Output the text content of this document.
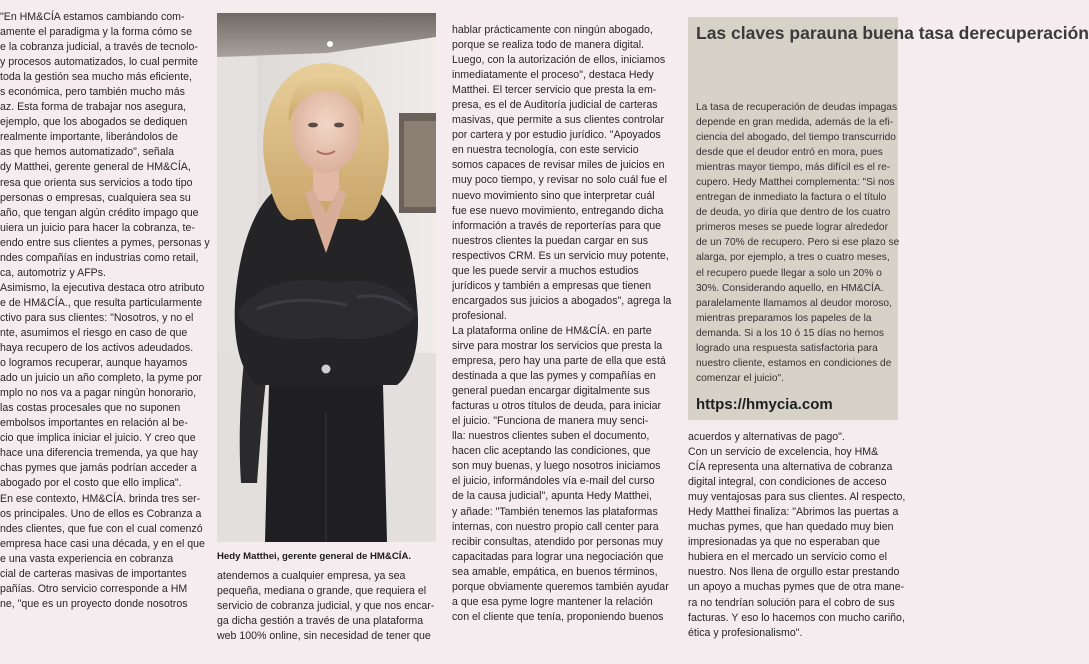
"En HM&CÍA estamos cambiando com-
amente el paradigma y la forma cómo se
e la cobranza judicial, a través de tecnolo-
y procesos automatizados, lo cual permite
toda la gestión sea mucho más eficiente,
s económica, pero también mucho más
az. Esta forma de trabajar nos asegura,
ejemplo, que los abogados se dediquen
realmente importante, liberándolos de
as que hemos automatizado", señala
dy Matthei, gerente general de HM&CÍA,
resa que orienta sus servicios a todo tipo
personas o empresas, cualquiera sea su
año, que tengan algún crédito impago que
uiera un juicio para hacer la cobranza, te-
endo entre sus clientes a pymes, personas y
ndes compañías en industrias como retail,
ca, automotriz y AFPs.
Asimismo, la ejecutiva destaca otro atributo
e de HM&CÍA., que resulta particularmente
ctivo para sus clientes: "Nosotros, y no el
nte, asumimos el riesgo en caso de que
haya recupero de los activos adeudados.
o logramos recuperar, aunque hayamos
ado un juicio un año completo, la pyme por
mplo no nos va a pagar ningún honorario,
las costas procesales que no suponen
embolsos importantes en relación al be-
cio que implica iniciar el juicio. Y creo que
hace una diferencia tremenda, ya que hay
chas pymes que jamás podrían acceder a
abogado por el costo que ello implica".
En ese contexto, HM&CÍA. brinda tres ser-
os principales. Uno de ellos es Cobranza a
ndes clientes, que fue con el cual comenzó
empresa hace casi una década, y en el que
e una vasta experiencia en cobranza
cial de carteras masivas de importantes
pañías. Otro servicio corresponde a HM
ne, "que es un proyecto donde nosotros
Hedy Matthei, gerente general de HM&CÍA.
atendemos a cualquier empresa, ya sea
pequeña, mediana o grande, que requiera el
servicio de cobranza judicial, y que nos encar-
ga dicha gestión a través de una plataforma
web 100% online, sin necesidad de tener que
hablar prácticamente con ningún abogado,
porque se realiza todo de manera digital.
Luego, con la autorización de ellos, iniciamos
inmediatamente el proceso", destaca Hedy
Matthei. El tercer servicio que presta la em-
presa, es el de Auditoría judicial de carteras
masivas, que permite a sus clientes controlar
por cartera y por estudio jurídico. "Apoyados
en nuestra tecnología, con este servicio
somos capaces de revisar miles de juicios en
muy poco tiempo, y revisar no solo cuál fue el
nuevo movimiento sino que interpretar cuál
fue ese nuevo movimiento, entregando dicha
información a través de reporterías para que
nuestros clientes la puedan cargar en sus
respectivos CRM. Es un servicio muy potente,
que les puede servir a muchos estudios
jurídicos y también a empresas que tienen
encargados sus juicios a abogados", agrega la
profesional.
La plataforma online de HM&CÍA. en parte
sirve para mostrar los servicios que presta la
empresa, pero hay una parte de ella que está
destinada a que las pymes y compañías en
general puedan encargar digitalmente sus
facturas u otros títulos de deuda, para iniciar
el juicio. "Funciona de manera muy senci-
lla: nuestros clientes suben el documento,
hacen clic aceptando las condiciones, que
son muy buenas, y luego nosotros iniciamos
el juicio, informándoles vía e-mail del curso
de la causa judicial", apunta Hedy Matthei,
y añade: "También tenemos las plataformas
internas, con nuestro propio call center para
recibir consultas, atendido por personas muy
capacitadas para lograr una negociación que
sea amable, empática, en buenos términos,
porque obviamente queremos también ayudar
a que esa pyme logre mantener la relación
con el cliente que tenía, proponiendo buenos
Las claves parauna buena tasa derecuperación
La tasa de recuperación de deudas impagas
depende en gran medida, además de la efi-
ciencia del abogado, del tiempo transcurrido
desde que el deudor entró en mora, pues
mientras mayor tiempo, más difícil es el re-
cupero. Hedy Matthei complementa: "Si nos
entregan de inmediato la factura o el título
de deuda, yo diría que dentro de los cuatro
primeros meses se puede lograr alrededor
de un 70% de recupero. Pero si ese plazo se
alarga, por ejemplo, a tres o cuatro meses,
el recupero puede llegar a solo un 20% o
30%. Considerando aquello, en HM&CÍA.
paralelamente llamamos al deudor moroso,
mientras preparamos los papeles de la
demanda. Si a los 10 ó 15 días no hemos
logrado una respuesta satisfactoria para
nuestro cliente, estamos en condiciones de
comenzar el juicio".
https://hmycia.com
acuerdos y alternativas de pago".
Con un servicio de excelencia, hoy HM&
CÍA representa una alternativa de cobranza
digital integral, con condiciones de acceso
muy ventajosas para sus clientes. Al respecto,
Hedy Matthei finaliza: "Abrimos las puertas a
muchas pymes, que han quedado muy bien
impresionadas ya que no esperaban que
hubiera en el mercado un servicio como el
nuestro. Nos llena de orgullo estar prestando
un apoyo a muchas pymes que de otra mane-
ra no tendrían solución para el cobro de sus
facturas. Y eso lo hacemos con mucho cariño,
ética y profesionalismo".
